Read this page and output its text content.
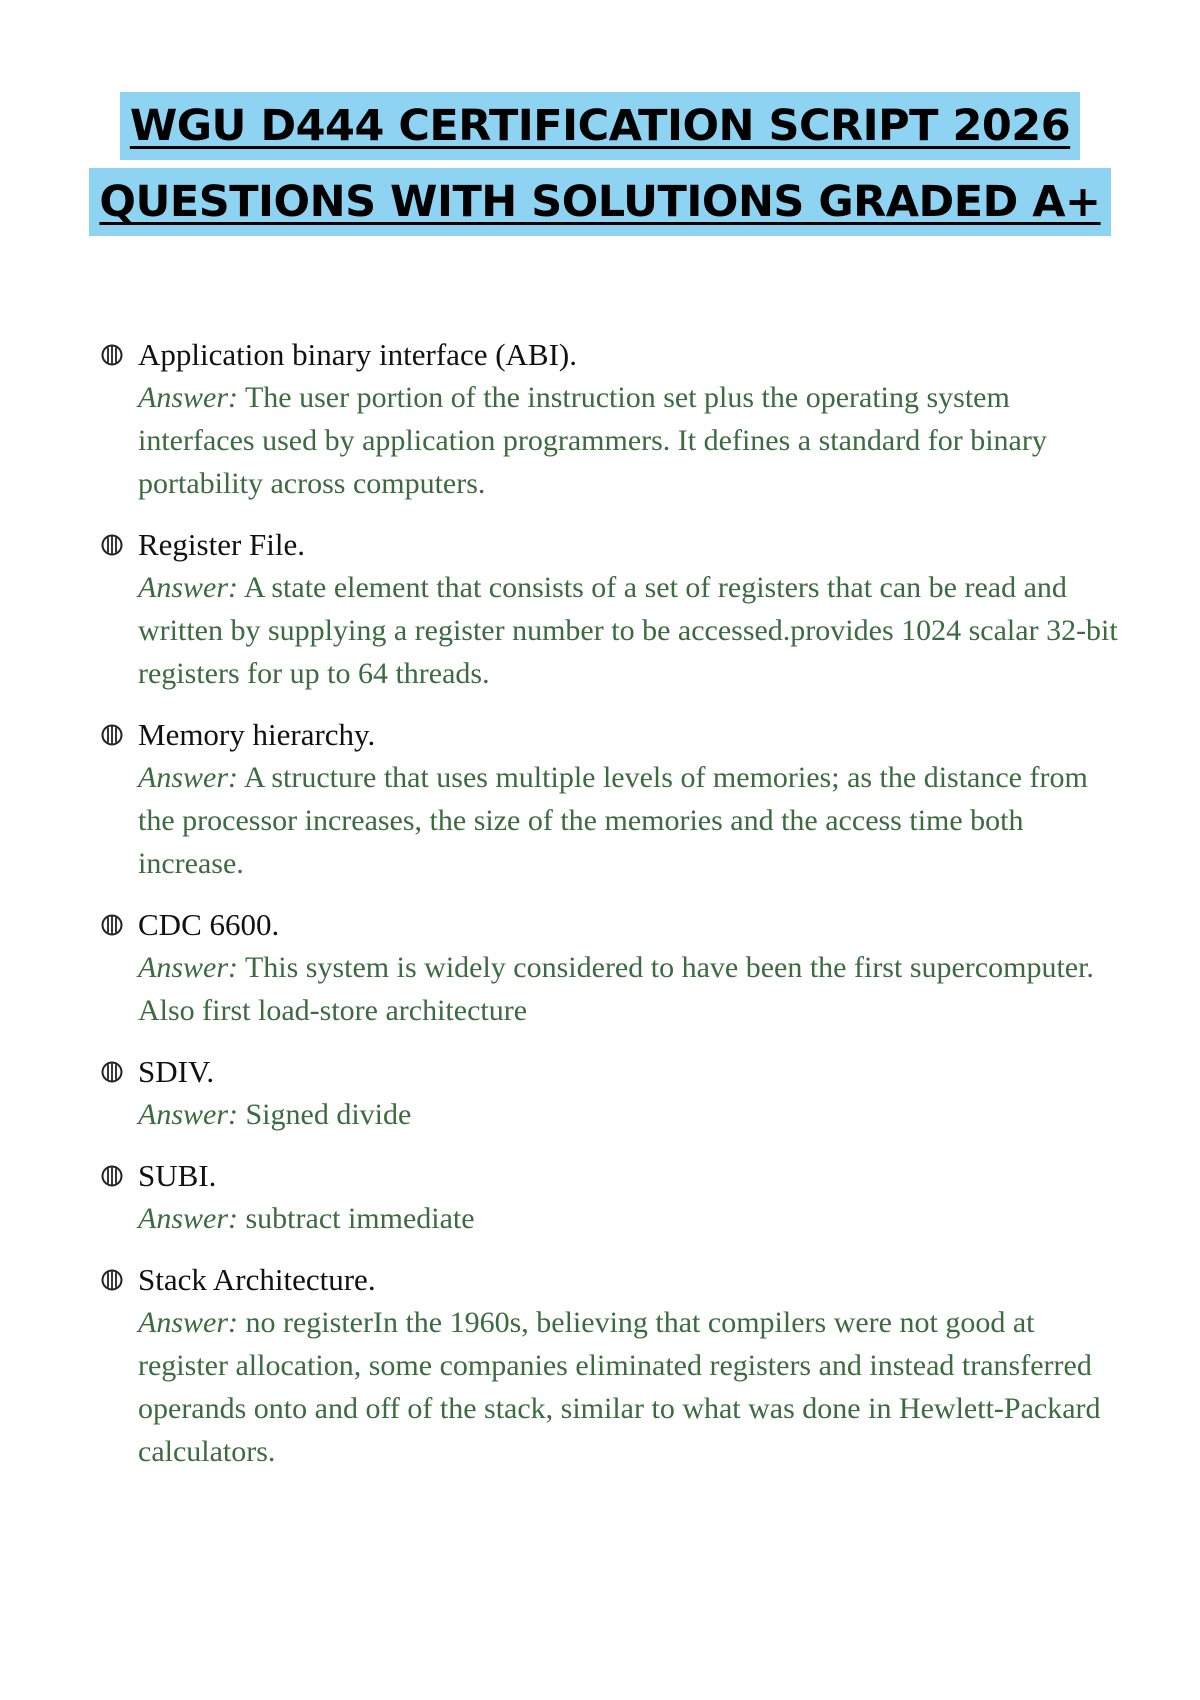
WGU D444 CERTIFICATION SCRIPT 2026
QUESTIONS WITH SOLUTIONS GRADED A+
Application binary interface (ABI).
Answer: The user portion of the instruction set plus the operating system interfaces used by application programmers. It defines a standard for binary portability across computers.
Register File.
Answer: A state element that consists of a set of registers that can be read and written by supplying a register number to be accessed.provides 1024 scalar 32-bit registers for up to 64 threads.
Memory hierarchy.
Answer: A structure that uses multiple levels of memories; as the distance from the processor increases, the size of the memories and the access time both increase.
CDC 6600.
Answer: This system is widely considered to have been the first supercomputer. Also first load-store architecture
SDIV.
Answer: Signed divide
SUBI.
Answer: subtract immediate
Stack Architecture.
Answer: no registerIn the 1960s, believing that compilers were not good at register allocation, some companies eliminated registers and instead transferred operands onto and off of the stack, similar to what was done in Hewlett-Packard calculators.
